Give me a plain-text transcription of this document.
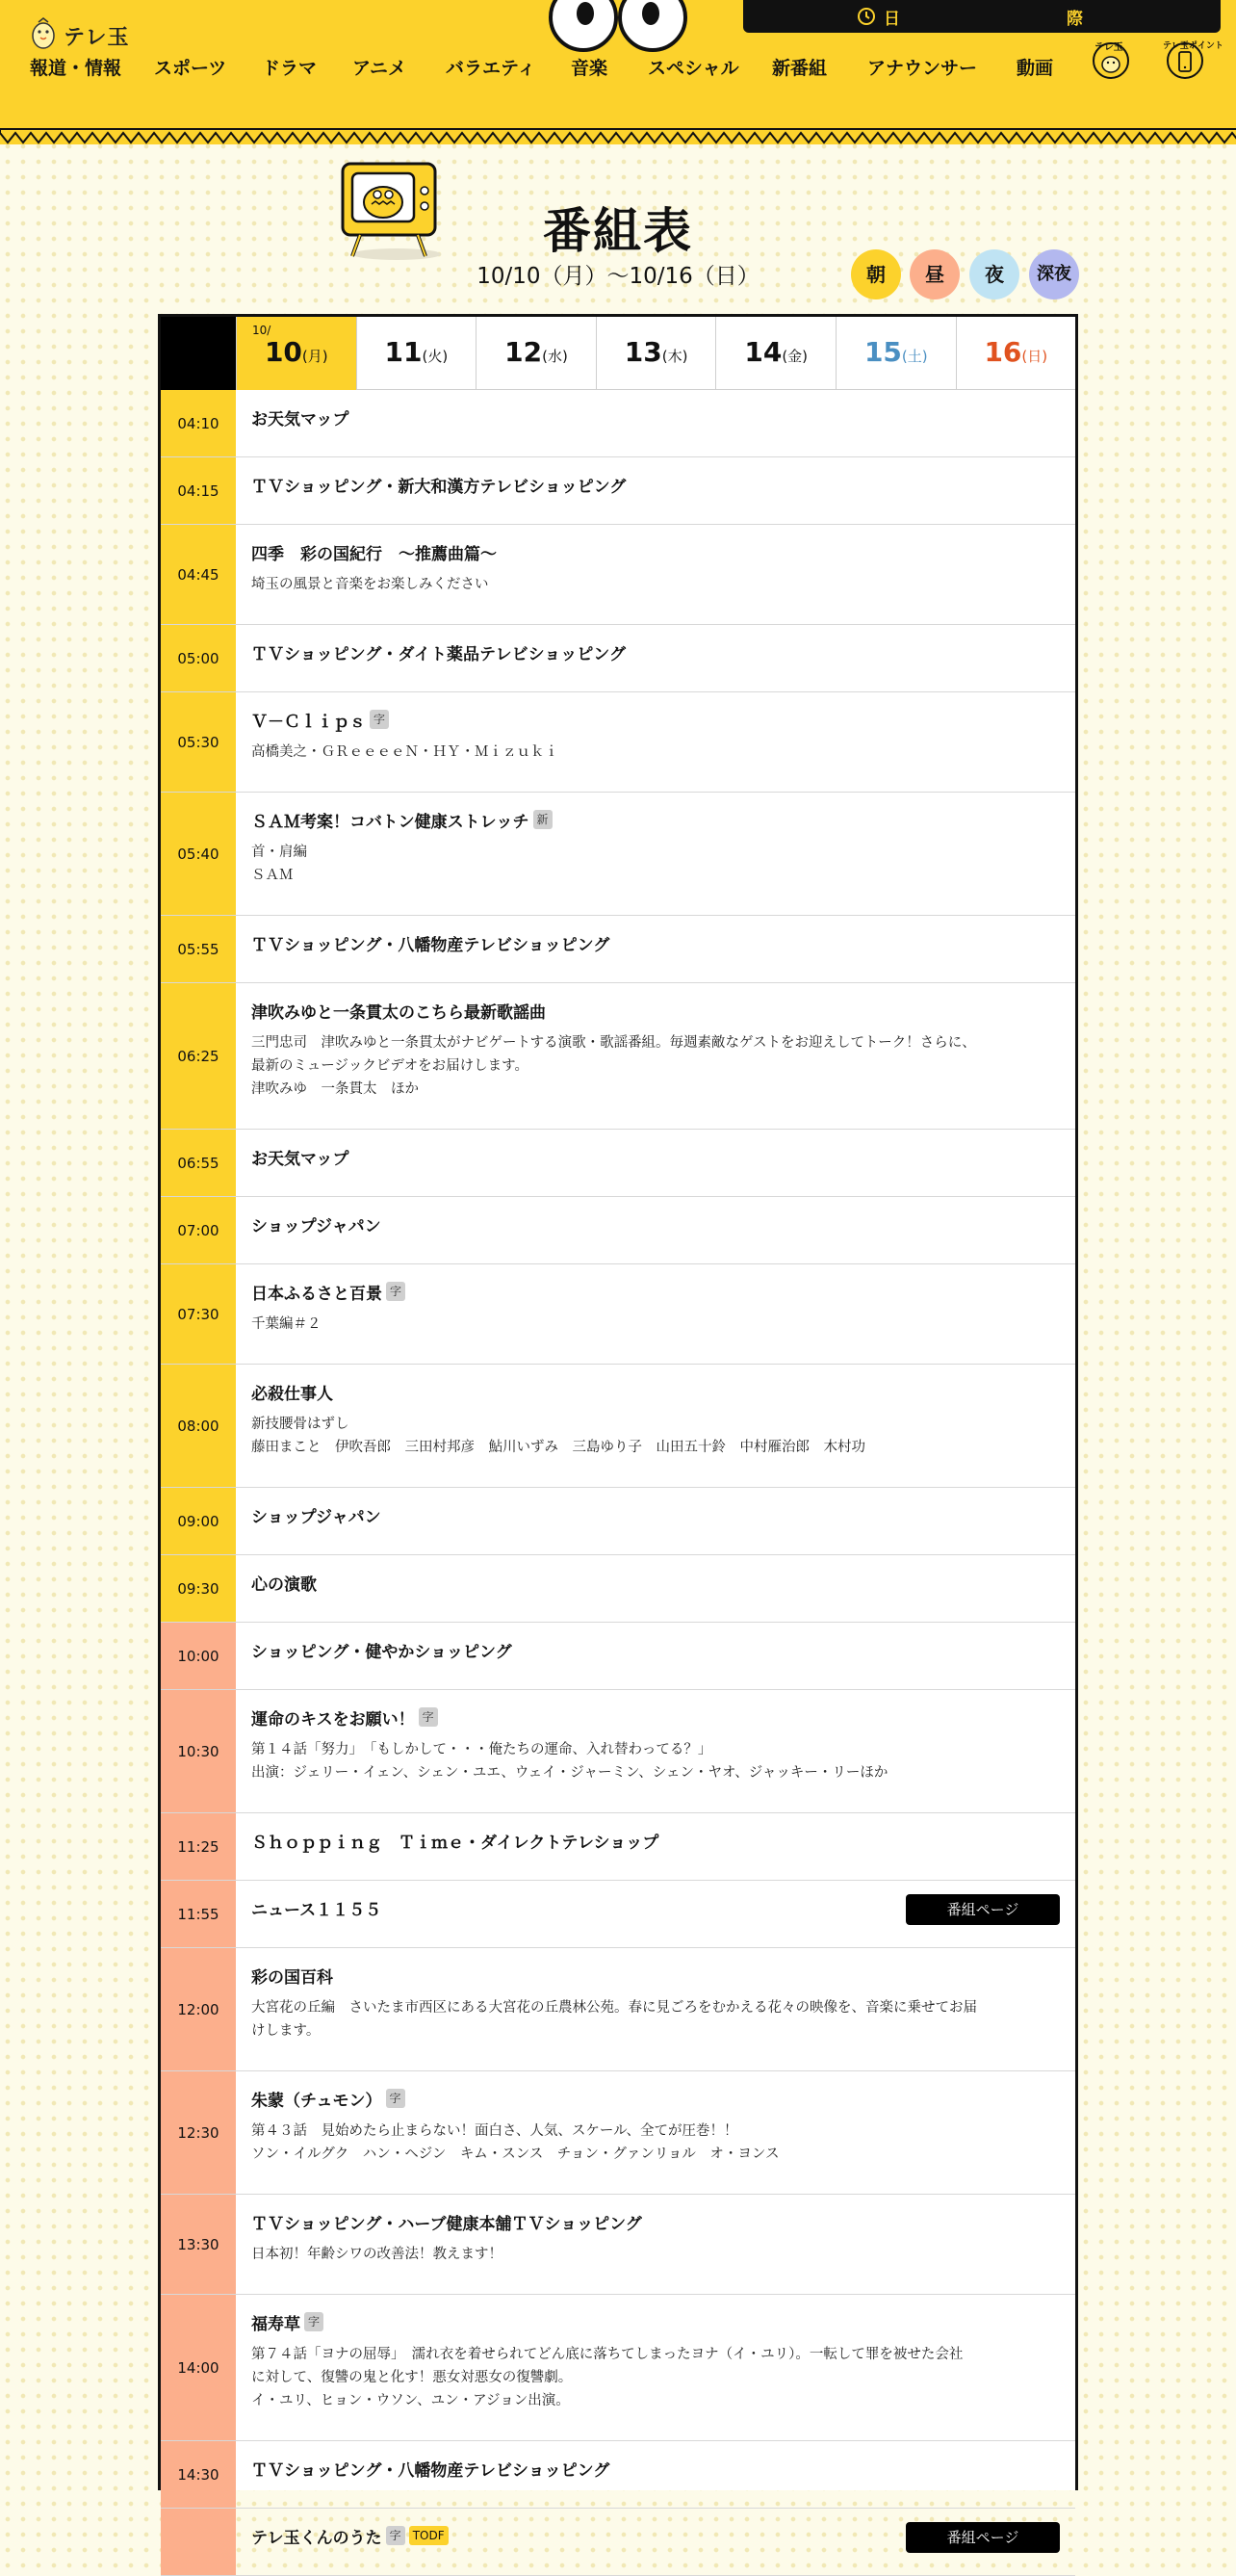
テレ玉
日	際
報道・情報 スポーツ ドラマ アニメ バラエティ 音楽 スペシャル 新番組 アナウンサー 動画
テレ玉	テレ玉ポイント
番組表
10/10（月）〜10/16（日）	朝	昼	夜	深夜
10/
10(月)	11(火)	12(水)	13(木)	14(金)	15(土)	16(日)
04:10	お天気マップ
04:15	ＴＶショッピング・新大和漢方テレビショッピング
04:45
四季　彩の国紀行　～推薦曲篇～
埼玉の風景と音楽をお楽しみください
05:00	ＴＶショッピング・ダイト薬品テレビショッピング
05:30
Ｖ－Ｃｌｉｐｓ 字
高橋美之・ＧＲｅｅｅｅＮ・ＨＹ・Ｍｉｚｕｋｉ
05:40
ＳＡＭ考案！コバトン健康ストレッチ 新
首・肩編
ＳＡＭ
05:55	ＴＶショッピング・八幡物産テレビショッピング
06:25
津吹みゆと一条貫太のこちら最新歌謡曲
三門忠司　津吹みゆと一条貫太がナビゲートする演歌・歌謡番組。毎週素敵なゲストをお迎えしてトーク！さらに、
最新のミュージックビデオをお届けします。
津吹みゆ　一条貫太　ほか
06:55	お天気マップ
07:00	ショップジャパン
07:30
日本ふるさと百景 字
千葉編＃２
08:00
必殺仕事人
新技腰骨はずし
藤田まこと　伊吹吾郎　三田村邦彦　鮎川いずみ　三島ゆり子　山田五十鈴　中村雁治郎　木村功
09:00	ショップジャパン
09:30	心の演歌
10:00	ショッピング・健やかショッピング
10:30
運命のキスをお願い！ 字
第１４話「努力」　「もしかして・・・俺たちの運命、入れ替わってる？」
出演：ジェリー・イェン、シェン・ユエ、ウェイ・ジャーミン、シェン・ヤオ、ジャッキー・リーほか
11:25	Ｓｈｏｐｐｉｎｇ　Ｔｉｍｅ・ダイレクトテレショップ
11:55	ニュース１１５５	番組ページ
12:00
彩の国百科
大宮花の丘編　さいたま市西区にある大宮花の丘農林公苑。春に見ごろをむかえる花々の映像を、音楽に乗せてお届
けします。
12:30
朱蒙（チュモン） 字
第４３話　見始めたら止まらない！面白さ、人気、スケール、全てが圧巻！！
ソン・イルグク　ハン・ヘジン　キム・スンス　チョン・グァンリョル　オ・ヨンス
13:30
ＴＶショッピング・ハーブ健康本舗ＴＶショッピング
日本初！年齢シワの改善法！教えます！
14:00
福寿草 字
第７４話「ヨナの屈辱」　濡れ衣を着せられてどん底に落ちてしまったヨナ（イ・ユリ）。一転して罪を被せた会社
に対して、復讐の鬼と化す！悪女対悪女の復讐劇。
イ・ユリ、ヒョン・ウソン、ユン・アジョン出演。
14:30	ＴＶショッピング・八幡物産テレビショッピング
テレ玉くんのうた 字	TODF	番組ページ
